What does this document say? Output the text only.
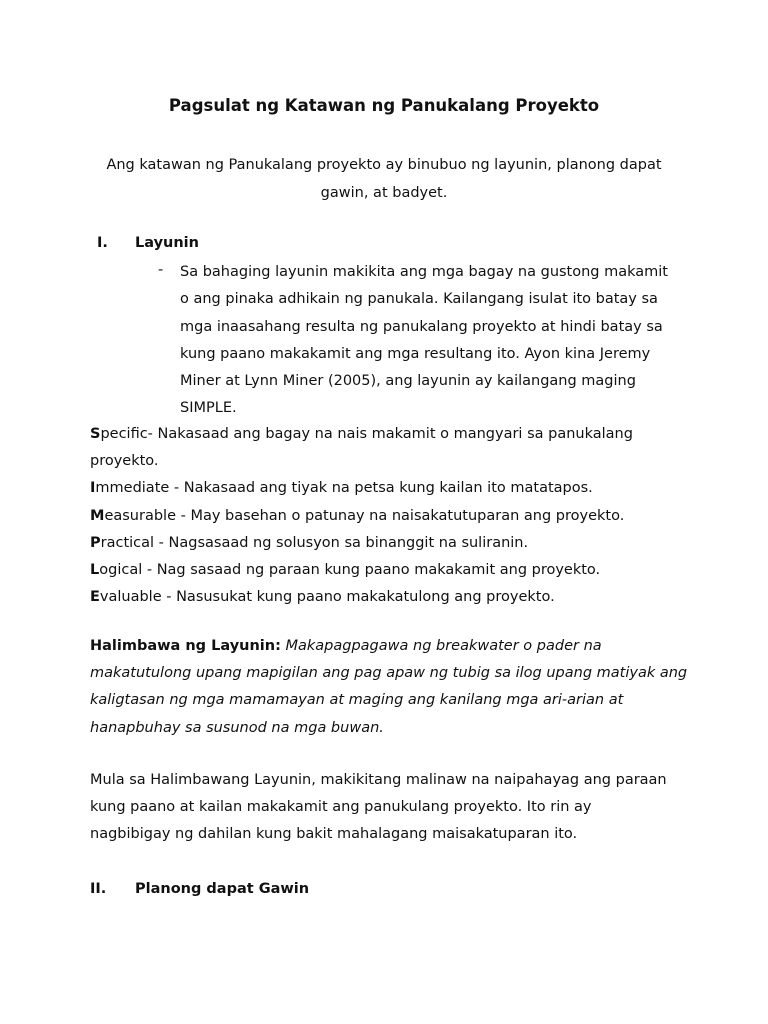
Pagsulat ng Katawan ng Panukalang Proyekto
Ang katawan ng Panukalang proyekto ay binubuo ng layunin, planong dapat gawin, at badyet.
I. Layunin
- Sa bahaging layunin makikita ang mga bagay na gustong makamit o ang pinaka adhikain ng panukala. Kailangang isulat ito batay sa mga inaasahang resulta ng panukalang proyekto at hindi batay sa kung paano makakamit ang mga resultang ito. Ayon kina Jeremy Miner at Lynn Miner (2005), ang layunin ay kailangang maging SIMPLE.
Specific- Nakasaad ang bagay na nais makamit o mangyari sa panukalang proyekto.
Immediate - Nakasaad ang tiyak na petsa kung kailan ito matatapos.
Measurable - May basehan o patunay na naisakatutuparan ang proyekto.
Practical - Nagsasaad ng solusyon sa binanggit na suliranin.
Logical - Nag sasaad ng paraan kung paano makakamit ang proyekto.
Evaluable - Nasusukat kung paano makakatulong ang proyekto.
Halimbawa ng Layunin: Makapagpagawa ng breakwater o pader na makatutulong upang mapigilan ang pag apaw ng tubig sa ilog upang matiyak ang kaligtasan ng mga mamamayan at maging ang kanilang mga ari-arian at hanapbuhay sa susunod na mga buwan.
Mula sa Halimbawang Layunin, makikitang malinaw na naipahayag ang paraan kung paano at kailan makakamit ang panukulang proyekto. Ito rin ay nagbibigay ng dahilan kung bakit mahalagang maisakatuparan ito.
II. Planong dapat Gawin
